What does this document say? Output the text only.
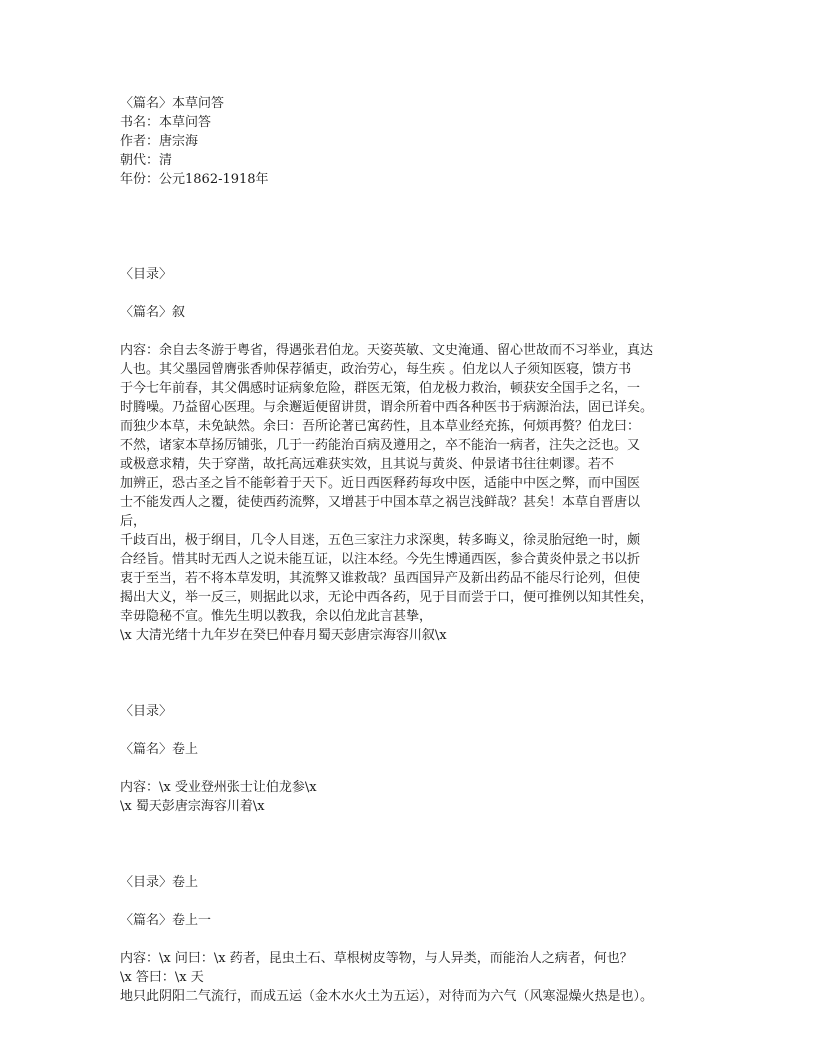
〈篇名〉本草问答
书名：本草问答
作者：唐宗海
朝代：清
年份：公元1862-1918年
〈目录〉
〈篇名〉叙
内容：余自去冬游于粤省，得遇张君伯龙。天姿英敏、文史淹通、留心世故而不习举业，真达
人也。其父墨园曾膺张香帅保荐循吏，政治劳心，每生疾 。伯龙以人子须知医寝，馈方书
于今七年前春，其父偶感时证病象危险，群医无策，伯龙极力救治，顿获安全国手之名，一
时腾噪。乃益留心医理。与余邂逅便留讲贯，谓余所着中西各种医书于病源治法，固已详矣。
而独少本草，未免缺然。余曰：吾所论著已寓药性，且本草业经充拣，何烦再赘？伯龙曰：
不然，诸家本草扬厉铺张，几于一药能治百病及遵用之，卒不能治一病者，注失之泛也。又
或极意求精，失于穿凿，故托高远难获实效，且其说与黄炎、仲景诸书往往刺谬。若不
加辨正，恐古圣之旨不能彰着于天下。近日西医释药每攻中医，适能中中医之弊，而中国医
士不能发西人之覆，徒使西药流弊，又增甚于中国本草之祸岂浅鲜哉？甚矣！本草自晋唐以
后，
千歧百出，极于纲目，几令人目迷，五色三家注力求深奥，转多晦义，徐灵胎冠绝一时，颇
合经旨。惜其时无西人之说未能互证，以注本经。今先生博通西医，参合黄炎仲景之书以折
衷于至当，若不将本草发明，其流弊又谁救哉？虽西国异产及新出药品不能尽行论列，但使
揭出大义，举一反三，则据此以求，无论中西各药，见于目而尝于口，便可推例以知其性矣，
幸毋隐秘不宣。惟先生明以教我，余以伯龙此言甚挚，
\x 大清光绪十九年岁在癸巳仲春月蜀天彭唐宗海容川叙\x
〈目录〉
〈篇名〉卷上
内容：\x 受业登州张士让伯龙参\x
\x 蜀天彭唐宗海容川着\x
〈目录〉卷上
〈篇名〉卷上一
内容：\x 问曰：\x 药者，昆虫土石、草根树皮等物，与人异类，而能治人之病者，何也？
\x 答曰：\x 天
地只此阴阳二气流行，而成五运（金木水火土为五运），对待而为六气（风寒湿燥火热是也）。
